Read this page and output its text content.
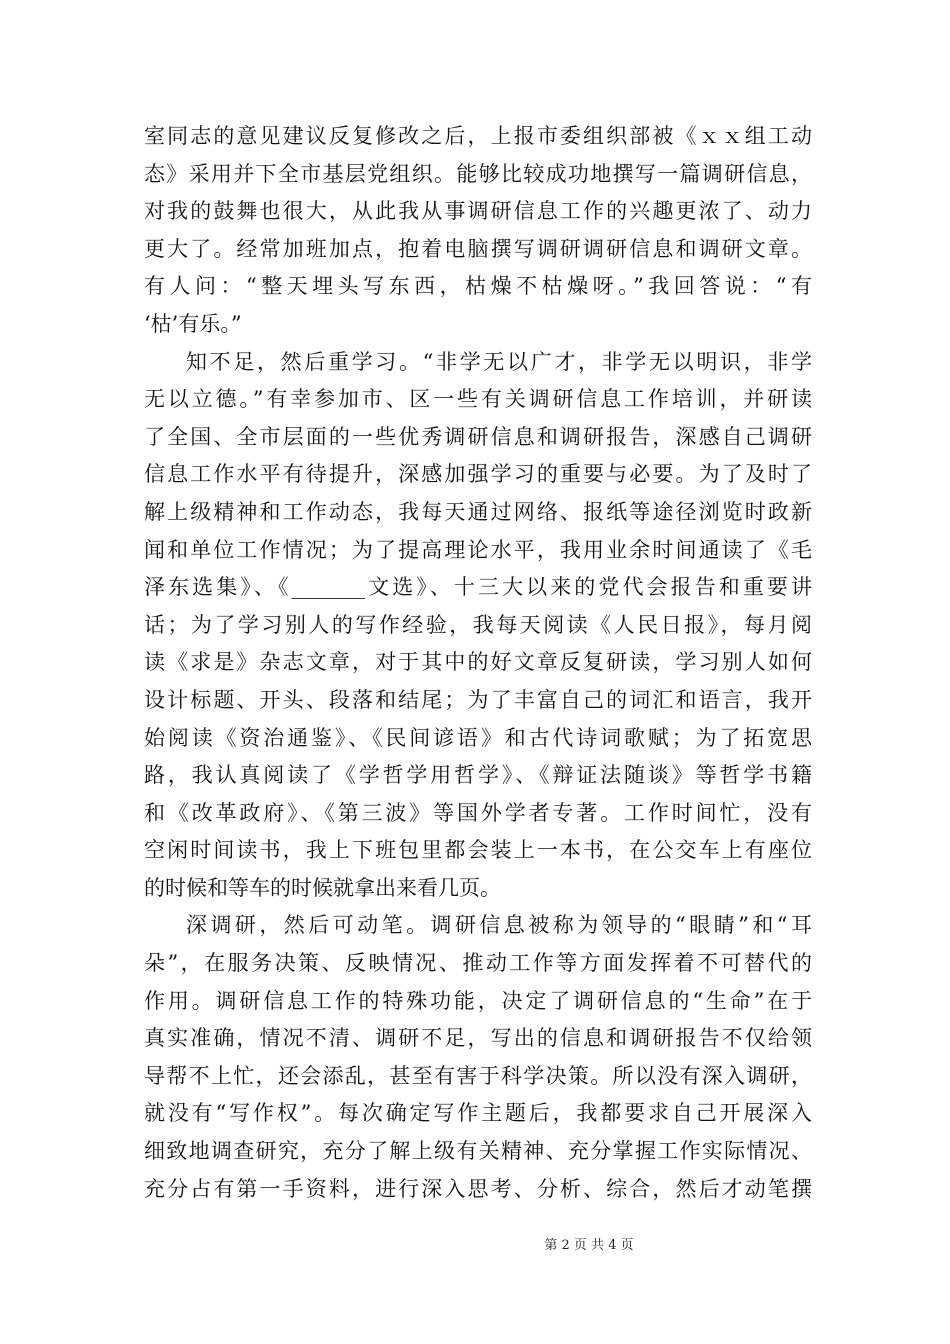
室同志的意见建议反复修改之后，上报市委组织部被《ｘｘ组工动
态》采用并下全市基层党组织。能够比较成功地撰写一篇调研信息，
对我的鼓舞也很大，从此我从事调研信息工作的兴趣更浓了、动力
更大了。经常加班加点，抱着电脑撰写调研调研信息和调研文章。
有人问：“整天埋头写东西，枯燥不枯燥呀。”我回答说：“有
‘枯’有乐。”
知不足，然后重学习。“非学无以广才，非学无以明识，非学
无以立德。”有幸参加市、区一些有关调研信息工作培训，并研读
了全国、全市层面的一些优秀调研信息和调研报告，深感自己调研
信息工作水平有待提升，深感加强学习的重要与必要。为了及时了
解上级精神和工作动态，我每天通过网络、报纸等途径浏览时政新
闻和单位工作情况；为了提高理论水平，我用业余时间通读了《毛
泽东选集》、《_______文选》、十三大以来的党代会报告和重要讲
话；为了学习别人的写作经验，我每天阅读《人民日报》，每月阅
读《求是》杂志文章，对于其中的好文章反复研读，学习别人如何
设计标题、开头、段落和结尾；为了丰富自己的词汇和语言，我开
始阅读《资治通鉴》、《民间谚语》和古代诗词歌赋；为了拓宽思
路，我认真阅读了《学哲学用哲学》、《辩证法随谈》等哲学书籍
和《改革政府》、《第三波》等国外学者专著。工作时间忙，没有
空闲时间读书，我上下班包里都会装上一本书，在公交车上有座位
的时候和等车的时候就拿出来看几页。
深调研，然后可动笔。调研信息被称为领导的“眼睛”和“耳
朵”，在服务决策、反映情况、推动工作等方面发挥着不可替代的
作用。调研信息工作的特殊功能，决定了调研信息的“生命”在于
真实准确，情况不清、调研不足，写出的信息和调研报告不仅给领
导帮不上忙，还会添乱，甚至有害于科学决策。所以没有深入调研，
就没有“写作权”。每次确定写作主题后，我都要求自己开展深入
细致地调查研究，充分了解上级有关精神、充分掌握工作实际情况、
充分占有第一手资料，进行深入思考、分析、综合，然后才动笔撰
第 2 页 共 4 页
